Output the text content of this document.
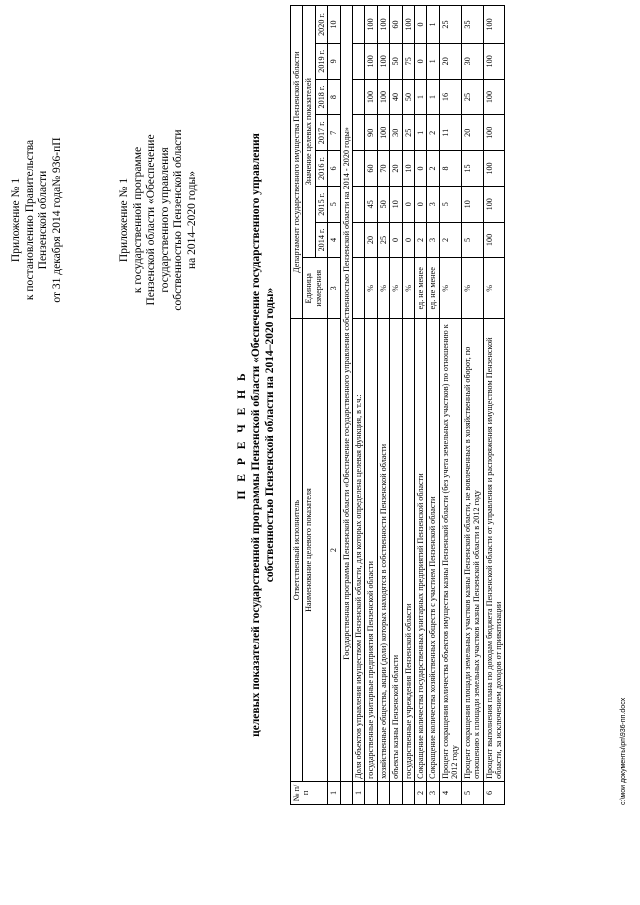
Приложение № 1 к постановлению Правительства Пензенской области от 31 декабря 2014 года№ 936-пП	Приложение № 1 к государственной программе Пензенской области «Обеспечение государственного управления собственностью Пензенской области на 2014–2020 годы»
П Е Р Е Ч Е Н Ь целевых показателей государственной программы Пензенской области «Обеспечение государственного управления собственностью Пензенской области на 2014–2020 годы»
№ п/п	Ответственный исполнитель	Департамент государственного имущества Пензенской области							
	Наименование целевого показателя	Единица измерения	Значение целевых показателей						
			2014 г.	2015 г.	2016 г.	2017 г.	2018 г.	2019 г.	2020 г.
1	2	3	4	5	6	7	8	9	10
	Государственная программа Пензенской области «Обеспечение государственного управления собственностью Пензенской области на 2014 - 2020 годы»								
1	Доля объектов управления имуществом Пензенской области, для которых определена целевая функция, в т.ч.:								
	государственные унитарные предприятия Пензенской области	%	20	45	60	90	100	100	100
	хозяйственные общества, акции (доли) которых находятся в собственности Пензенской области	%	25	50	70	100	100	100	100
	объекты казны Пензенской области	%	0	10	20	30	40	50	60
	государственные учреждения Пензенской области	%	0	0	10	25	50	75	100
2	Сокращение количества государственных унитарных предприятий Пензенской области	ед. не менее	2	0	0	1	1	0	0
3	Сокращение количества хозяйственных обществ с участием Пензенской области	ед. не менее	3	3	2	2	1	1	1
4	Процент сокращения количества объектов имущества казны Пензенской области (без учета земельных участков) по отношению к 2012 году	%	2	5	8	11	16	20	25
5	Процент сокращения площади земельных участков казны Пензенской области, не вовлеченных в хозяйственный оборот, по отношению к площади земельных участков казны Пензенской области в 2012 году	%	5	10	15	20	25	30	35
6	Процент выполнения плана по доходам бюджета Пензенской области от управления и распоряжения имуществом Пензенской области, за исключением доходов от приватизации	%	100	100	100	100	100	100	100
c:\мои документы\рп\936-пп.docx
